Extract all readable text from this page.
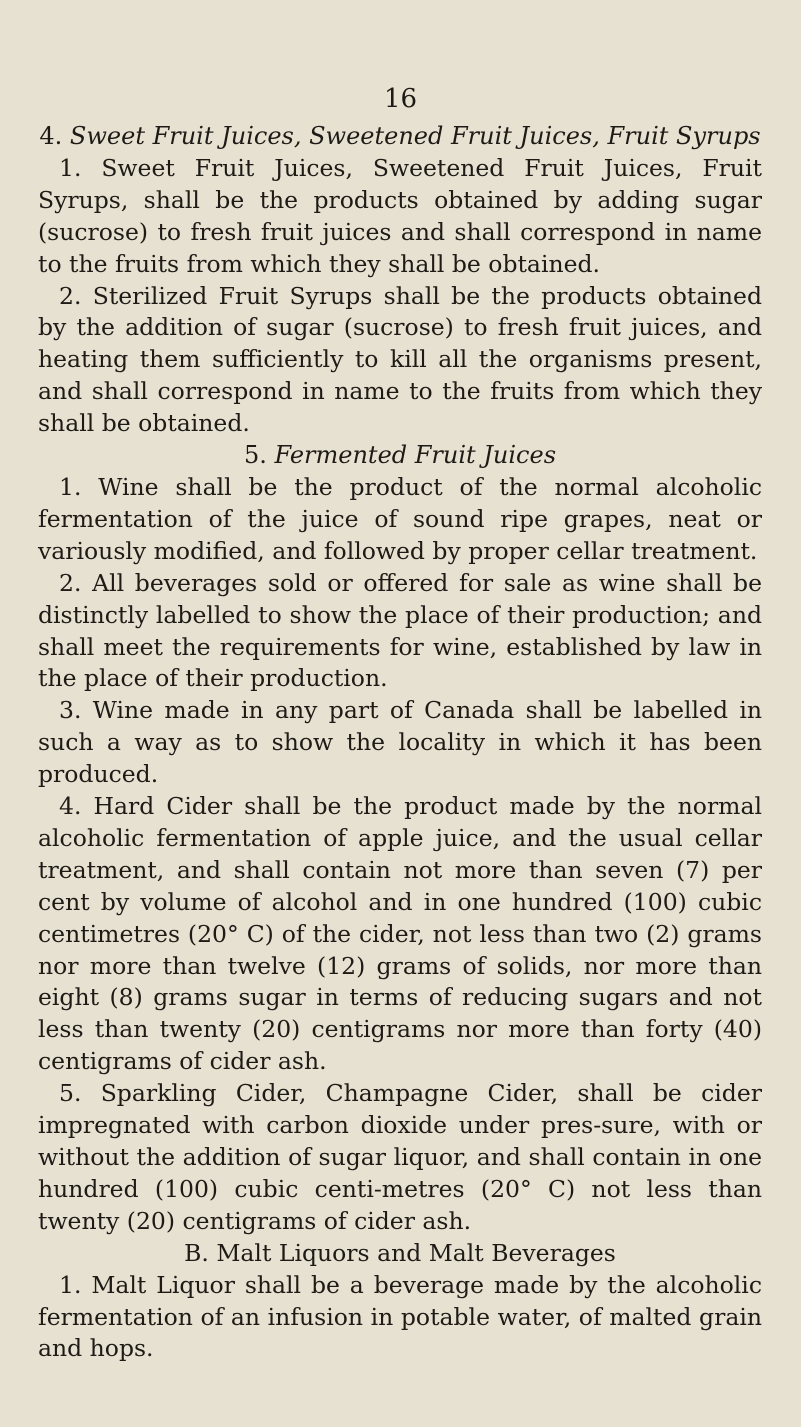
16
4. Sweet Fruit Juices, Sweetened Fruit Juices, Fruit Syrups

1. Sweet Fruit Juices, Sweetened Fruit Juices, Fruit Syrups, shall be the products obtained by adding sugar (sucrose) to fresh fruit juices and shall correspond in name to the fruits from which they shall be obtained.

2. Sterilized Fruit Syrups shall be the products obtained by the addition of sugar (sucrose) to fresh fruit juices, and heating them sufficiently to kill all the organisms present, and shall correspond in name to the fruits from which they shall be obtained.

5. Fermented Fruit Juices

1. Wine shall be the product of the normal alcoholic fermentation of the juice of sound ripe grapes, neat or variously modified, and followed by proper cellar treatment.

2. All beverages sold or offered for sale as wine shall be distinctly labelled to show the place of their production; and shall meet the requirements for wine, established by law in the place of their production.

3. Wine made in any part of Canada shall be labelled in such a way as to show the locality in which it has been produced.

4. Hard Cider shall be the product made by the normal alcoholic fermentation of apple juice, and the usual cellar treatment, and shall contain not more than seven (7) per cent by volume of alcohol and in one hundred (100) cubic centimetres (20° C) of the cider, not less than two (2) grams nor more than twelve (12) grams of solids, nor more than eight (8) grams sugar in terms of reducing sugars and not less than twenty (20) centigrams nor more than forty (40) centigrams of cider ash.

5. Sparkling Cider, Champagne Cider, shall be cider impregnated with carbon dioxide under pres-sure, with or without the addition of sugar liquor, and shall contain in one hundred (100) cubic centi-metres (20° C) not less than twenty (20) centigrams of cider ash.

B. Malt Liquors and Malt Beverages

1. Malt Liquor shall be a beverage made by the alcoholic fermentation of an infusion in potable water, of malted grain and hops.
